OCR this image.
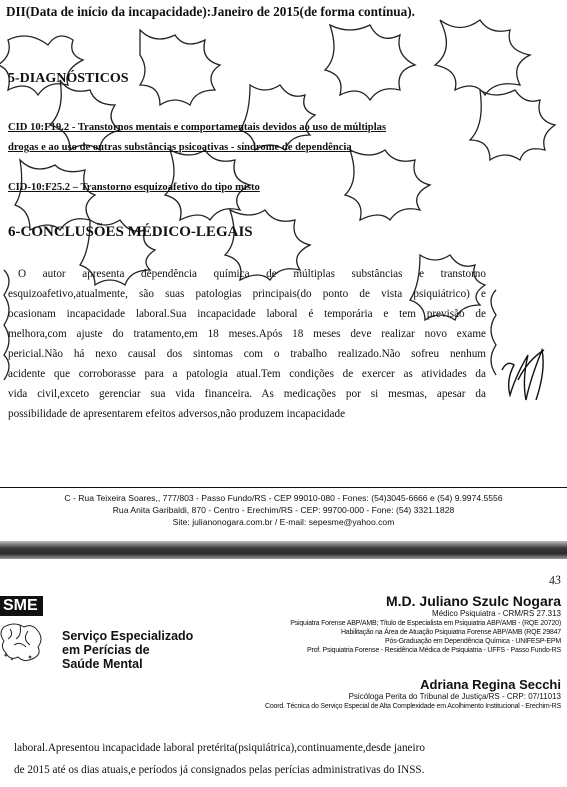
DII(Data de início da incapacidade):Janeiro de 2015(de forma contínua).
5-DIAGNÓSTICOS
CID 10:F19.2 - Transtornos mentais e comportamentais devidos ao uso de múltiplas
drogas e ao uso de outras substâncias psicoativas - síndrome de dependência
CID-10:F25.2 – Transtorno esquizoafetivo do tipo misto
6-CONCLUSÕES MÉDICO-LEGAIS
O autor apresenta dependência química de múltiplas substâncias e transtorno
esquizoafetivo,atualmente, são suas patologias principais(do ponto de vista psiquiátrico) e
ocasionam incapacidade laboral.Sua incapacidade laboral é temporária e tem previsão de
melhora,com ajuste do tratamento,em 18 meses.Após 18 meses deve realizar novo exame
pericial.Não há nexo causal dos sintomas com o trabalho realizado.Não sofreu nenhum
acidente que corroborasse para a patologia atual.Tem condições de exercer as atividades da
vida civil,exceto gerenciar sua vida financeira. As medicações por si mesmas, apesar da
possibilidade de apresentarem efeitos adversos,não produzem incapacidade
C - Rua Teixeira Soares,, 777/803 - Passo Fundo/RS - CEP 99010-080 - Fones: (54)3045-6666 e (54) 9.9974.5556
Rua Anita Garibaldi, 870 - Centro - Erechim/RS - CEP: 99700-000 - Fone: (54) 3321.1828
Site: julianonogara.com.br / E-mail: sepesme@yahoo.com
43
SME
Serviço Especializado
em Perícias de
Saúde Mental
M.D. Juliano Szulc Nogara
Médico Psiquiatra - CRM/RS 27.313
Psiquiatra Forense ABP/AMB; Título de Especialista em Psiquiatria ABP/AMB - (RQE 20720)
Habilitação na Área de Atuação Psiquiatria Forense ABP/AMB (RQE 29847
Pós-Graduação em Dependência Química - UNIFESP-EPM
Prof. Psiquiatria Forense - Residência Médica de Psiquiatria - UFFS - Passo Fundo-RS
Adriana Regina Secchi
Psicóloga Perita do Tribunal de Justiça/RS - CRP: 07/11013
Coord. Técnica do Serviço Especial de Alta Complexidade em Acolhimento Institucional - Erechim-RS
laboral.Apresentou incapacidade laboral pretérita(psiquiátrica),continuamente,desde janeiro
de 2015 até os dias atuais,e períodos já consignados pelas perícias administrativas do INSS.
